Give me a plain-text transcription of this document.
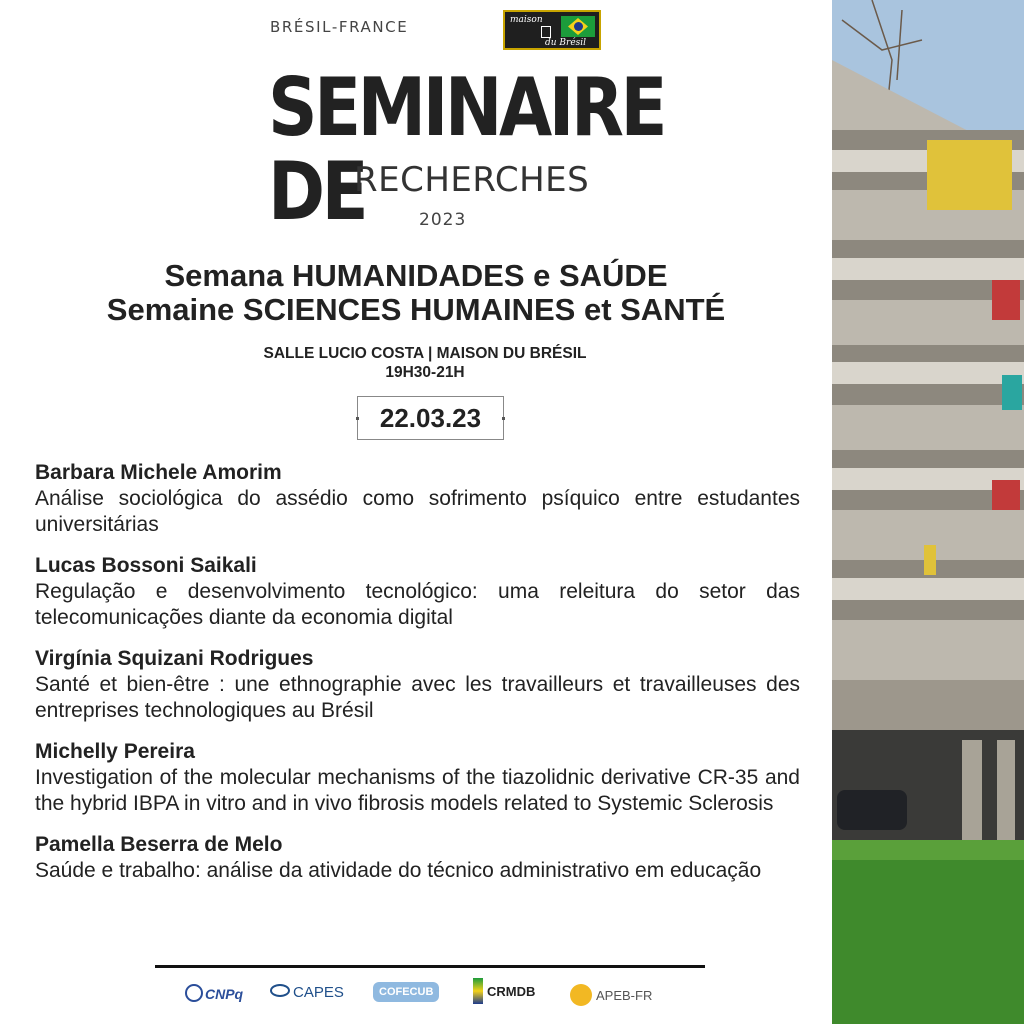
BRÉSIL-FRANCE	maison
du Brésil
SEMINAIRE
DE
RECHERCHES
2023
Semana HUMANIDADES e SAÚDE
Semaine SCIENCES HUMAINES et SANTÉ
SALLE LUCIO COSTA | MAISON DU BRÉSIL
19H30-21H
22.03.23
Barbara Michele Amorim
Análise sociológica do assédio como sofrimento psíquico entre estudantes universitárias
Lucas Bossoni Saikali
Regulação e desenvolvimento tecnológico: uma releitura do setor das telecomunicações diante da economia digital
Virgínia Squizani Rodrigues
Santé et bien-être : une ethnographie avec les travailleurs et travailleuses des entreprises technologiques au Brésil
Michelly Pereira
Investigation of the molecular mechanisms of the tiazolidnic derivative CR-35 and the hybrid IBPA in vitro and in vivo fibrosis models related to Systemic Sclerosis
Pamella Beserra de Melo
Saúde e trabalho: análise da atividade do técnico administrativo em educação
CNPq	CAPES	COFECUB	CRMDB	APEB-FR
